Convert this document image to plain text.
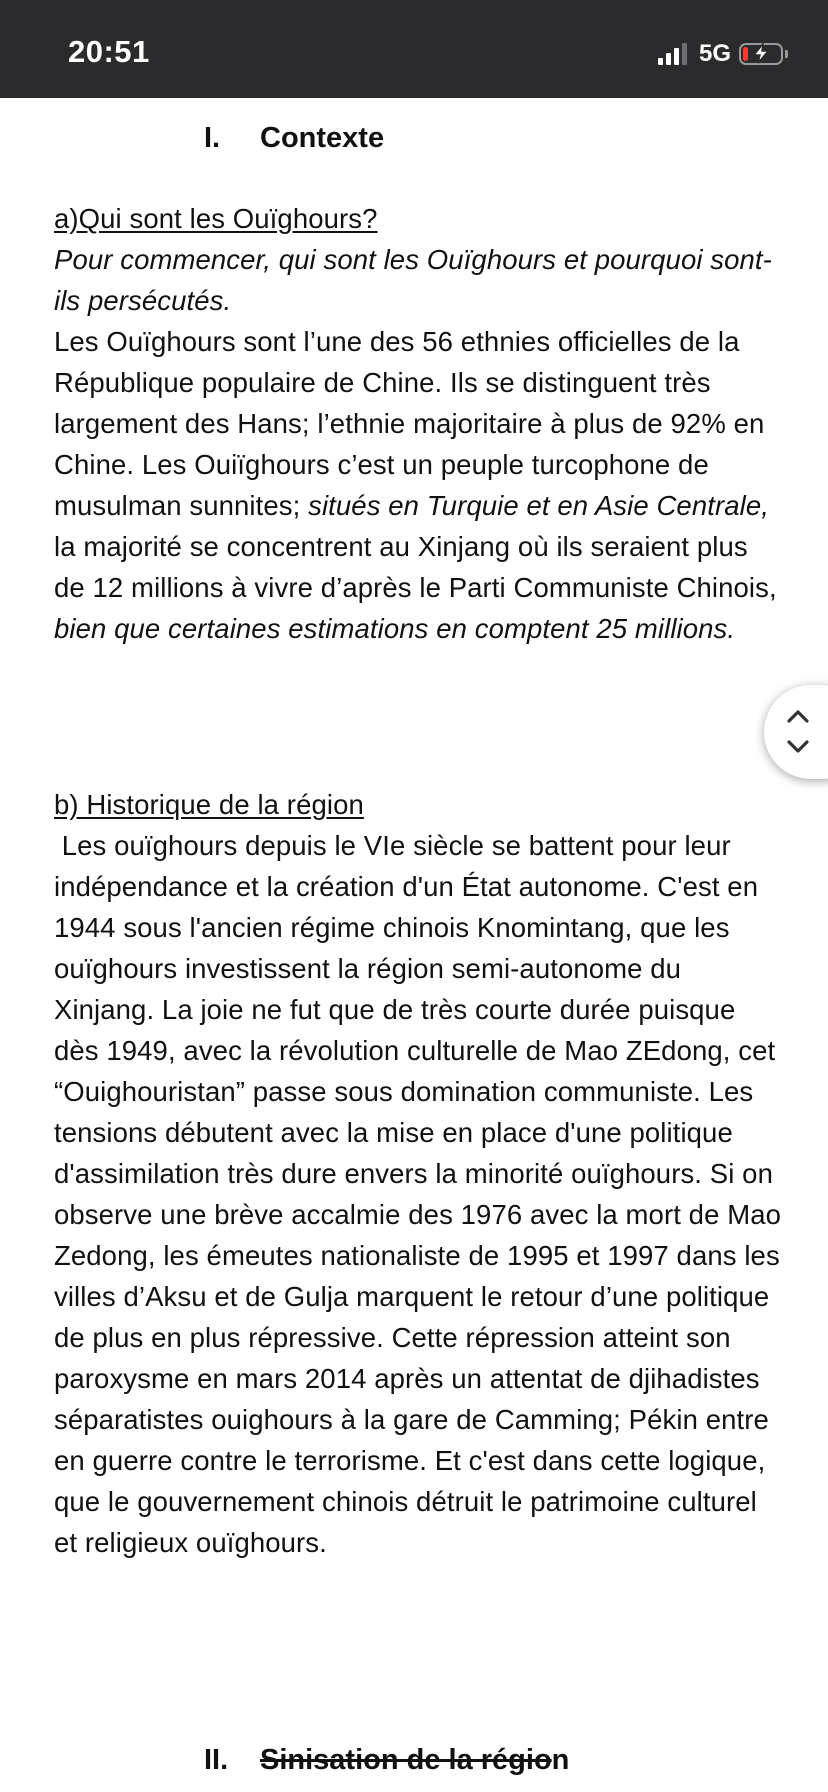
20:51	5G
I. Contexte
a)Qui sont les Ouïghours?
Pour commencer, qui sont les Ouïghours et pourquoi sont-ils persécutés.
Les Ouïghours sont l’une des 56 ethnies officielles de la République populaire de Chine. Ils se distinguent très largement des Hans; l’ethnie majoritaire à plus de 92% en Chine. Les Ouiïghours c’est un peuple turcophone de musulman sunnites; situés en Turquie et en Asie Centrale, la majorité se concentrent au Xinjang où ils seraient plus de 12 millions à vivre d’après le Parti Communiste Chinois, bien que certaines estimations en comptent 25 millions.
b) Historique de la région
Les ouïghours depuis le VIe siècle se battent pour leur indépendance et la création d'un État autonome. C'est en 1944 sous l'ancien régime chinois Knomintang, que les ouïghours investissent la région semi-autonome du Xinjang. La joie ne fut que de très courte durée puisque dès 1949, avec la révolution culturelle de Mao ZEdong, cet “Ouighouristan” passe sous domination communiste. Les tensions débutent avec la mise en place d'une politique d'assimilation très dure envers la minorité ouïghours. Si on observe une brève accalmie des 1976 avec la mort de Mao Zedong, les émeutes nationaliste de 1995 et 1997 dans les villes d’Aksu et de Gulja marquent le retour d’une politique de plus en plus répressive. Cette répression atteint son paroxysme en mars 2014 après un attentat de djihadistes séparatistes ouighours à la gare de Camming; Pékin entre en guerre contre le terrorisme. Et c'est dans cette logique, que le gouvernement chinois détruit le patrimoine culturel et religieux ouïghours.
II. Sinisation de la région
